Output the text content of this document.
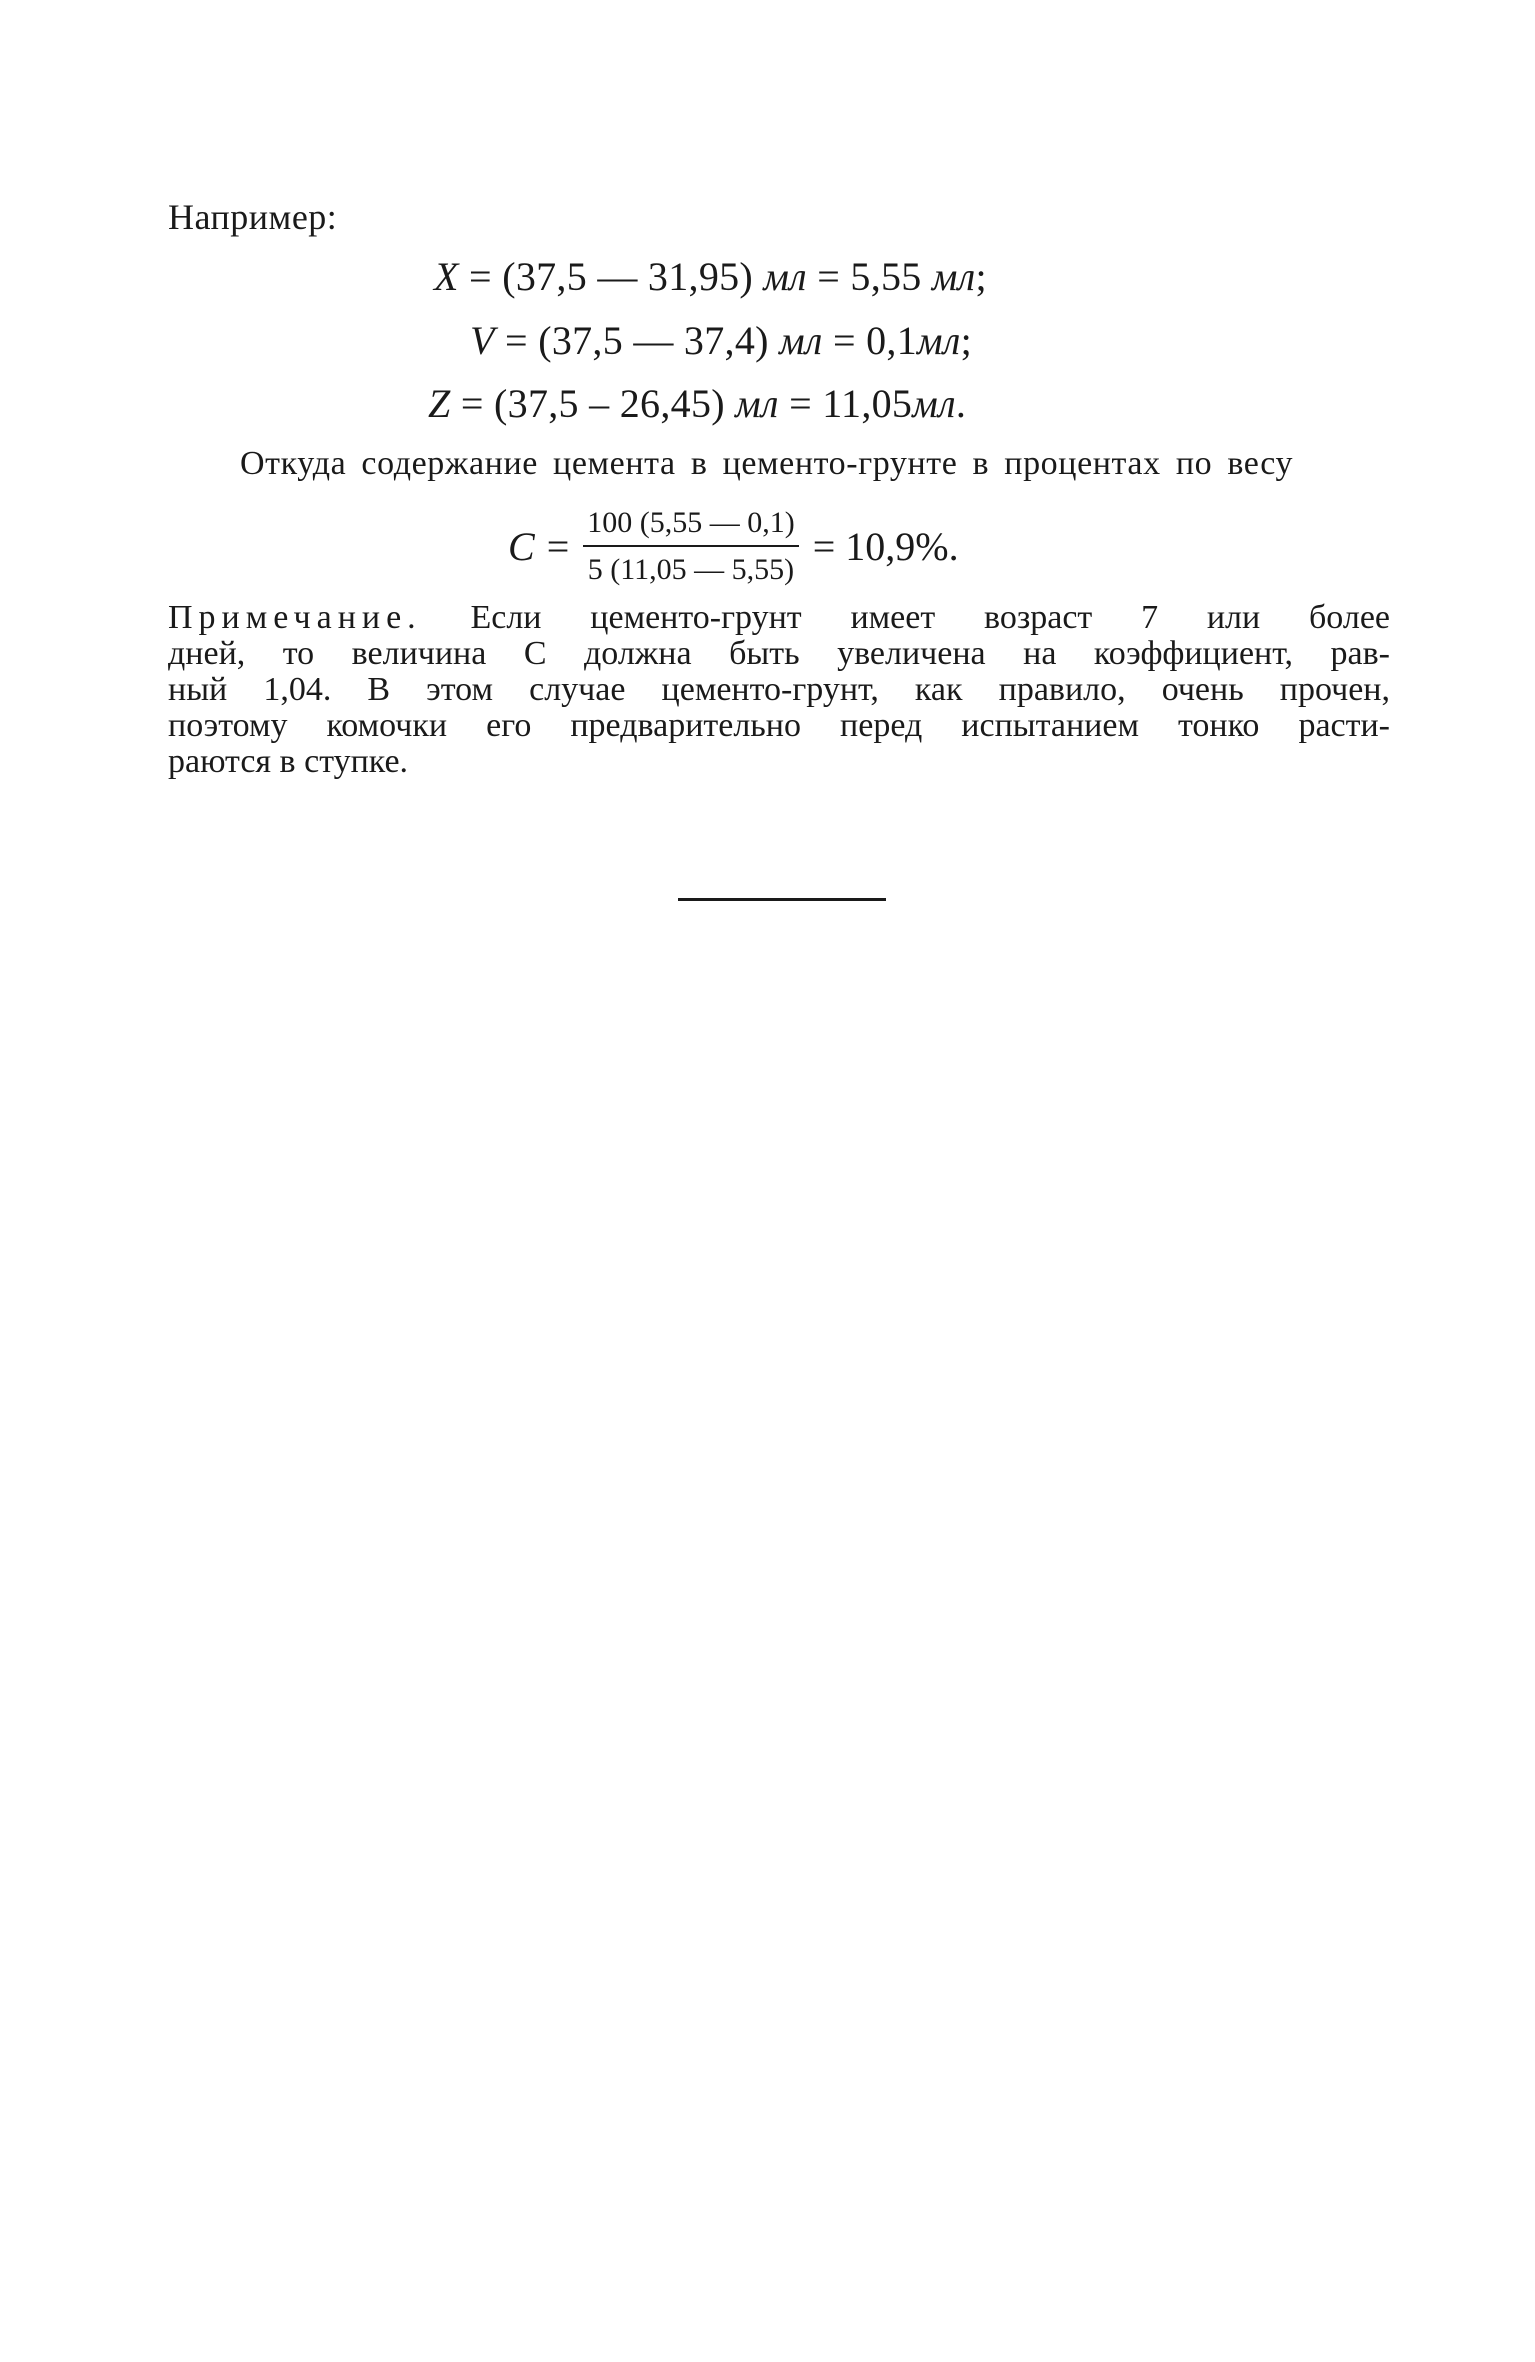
Например:
X = (37,5 — 31,95) мл = 5,55 мл;
V = (37,5 — 37,4) мл = 0,1мл;
Z = (37,5 – 26,45) мл = 11,05мл.
Откуда содержание цемента в цементо-грунте в процентах по весу
$C = \frac{100 (5,55 — 0,1)}{5 (11,05 — 5,55)} = 10,9\%$.
Примечание. Если цементо-грунт имеет возраст 7 или более
дней, то величина C должна быть увеличена на коэффициент, рав-
ный 1,04. В этом случае цементо-грунт, как правило, очень прочен,
поэтому комочки его предварительно перед испытанием тонко расти-
раются в ступке.
